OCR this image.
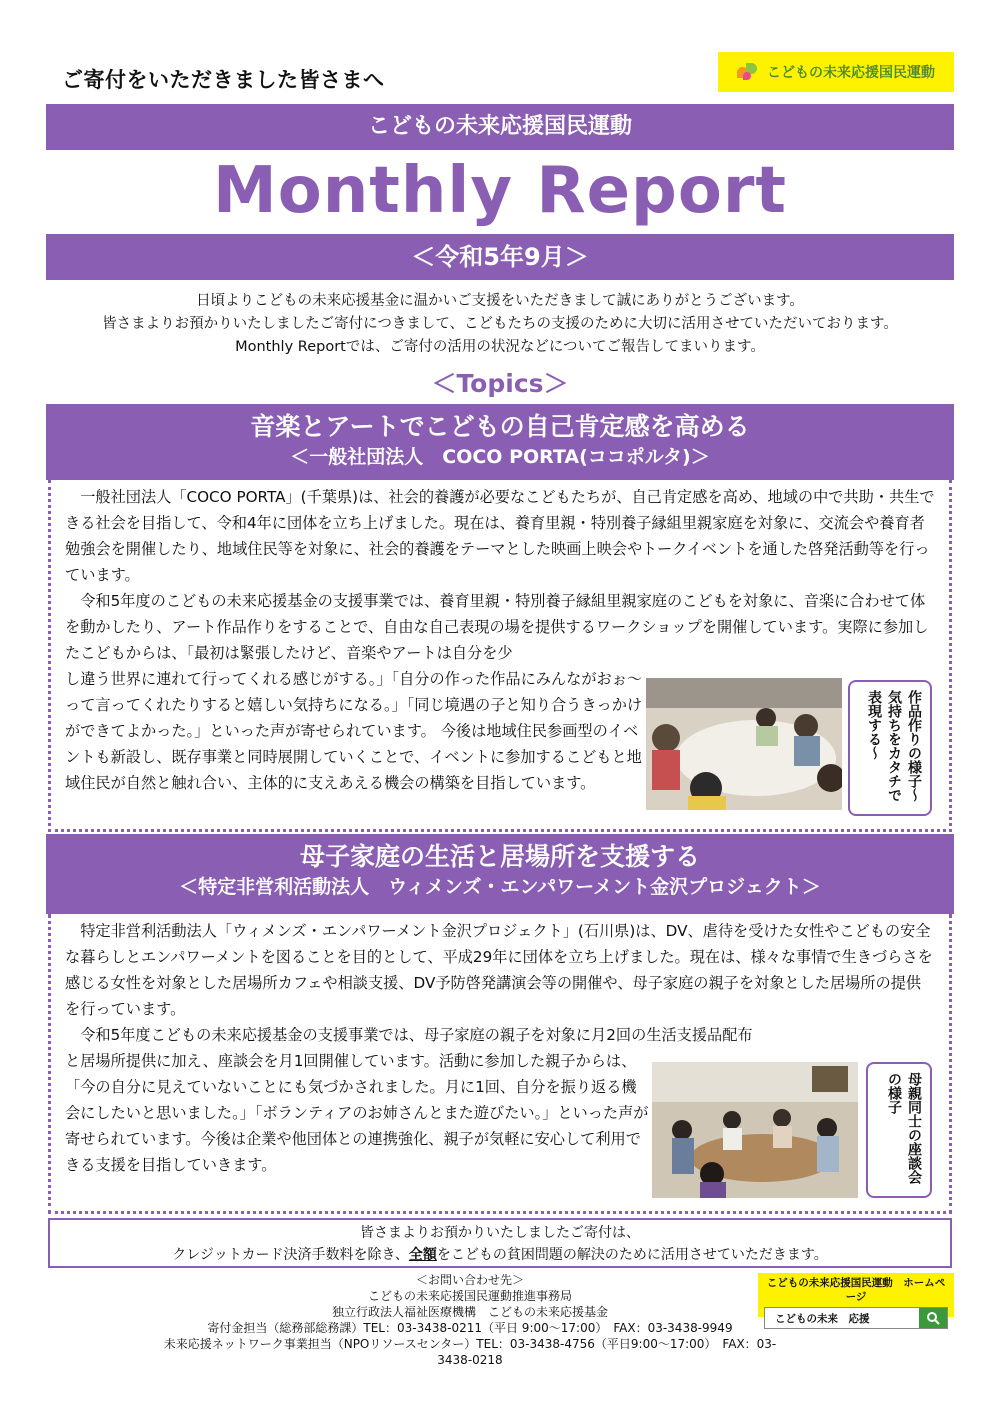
ご寄付をいただきました皆さまへ	こどもの未来応援国民運動
こどもの未来応援国民運動
Monthly Report
＜令和5年9月＞
日頃よりこどもの未来応援基金に温かいご支援をいただきまして誠にありがとうございます。
皆さまよりお預かりいたしましたご寄付につきまして、こどもたちの支援のために大切に活用させていただいております。
Monthly Reportでは、ご寄付の活用の状況などについてご報告してまいります。
＜Topics＞
音楽とアートでこどもの自己肯定感を高める
＜一般社団法人　COCO PORTA(ココポルタ)＞

一般社団法人「COCO PORTA」(千葉県)は、社会的養護が必要なこどもたちが、自己肯定感を高め、地域の中で共助・共生できる社会を目指して、令和4年に団体を立ち上げました。現在は、養育里親・特別養子縁組里親家庭を対象に、交流会や養育者勉強会を開催したり、地域住民等を対象に、社会的養護をテーマとした映画上映会やトークイベントを通した啓発活動等を行っています。

令和5年度のこどもの未来応援基金の支援事業では、養育里親・特別養子縁組里親家庭のこどもを対象に、音楽に合わせて体を動かしたり、アート作品作りをすることで、自由な自己表現の場を提供するワークショップを開催しています。実際に参加したこどもからは、「最初は緊張したけど、音楽やアートは自分を少

し違う世界に連れて行ってくれる感じがする。」「自分の作った作品にみんながおぉ～って言ってくれたりすると嬉しい気持ちになる。」「同じ境遇の子と知り合うきっかけができてよかった。」といった声が寄せられています。 今後は地域住民参画型のイベントも新設し、既存事業と同時展開していくことで、イベントに参加するこどもと地域住民が自然と触れ合い、主体的に支えあえる機会の構築を目指しています。	作品作りの様子～気持ちをカタチで表現する～
母子家庭の生活と居場所を支援する
＜特定非営利活動法人　ウィメンズ・エンパワーメント金沢プロジェクト＞

特定非営利活動法人「ウィメンズ・エンパワーメント金沢プロジェクト」(石川県)は、DV、虐待を受けた女性やこどもの安全な暮らしとエンパワーメントを図ることを目的として、平成29年に団体を立ち上げました。現在は、様々な事情で生きづらさを感じる女性を対象とした居場所カフェや相談支援、DV予防啓発講演会等の開催や、母子家庭の親子を対象とした居場所の提供を行っています。

令和5年度こどもの未来応援基金の支援事業では、母子家庭の親子を対象に月2回の生活支援品配布

と居場所提供に加え、座談会を月1回開催しています。活動に参加した親子からは、「今の自分に見えていないことにも気づかされました。月に1回、自分を振り返る機会にしたいと思いました。」「ボランティアのお姉さんとまた遊びたい。」といった声が寄せられています。今後は企業や他団体との連携強化、親子が気軽に安心して利用できる支援を目指していきます。	母親同士の座談会の様子
皆さまよりお預かりいたしましたご寄付は、
クレジットカード決済手数料を除き、全額をこどもの貧困問題の解決のために活用させていただきます。
＜お問い合わせ先＞
こどもの未来応援国民運動推進事務局
独立行政法人福祉医療機構　こどもの未来応援基金
寄付金担当（総務部総務課）TEL：03-3438-0211（平日 9:00～17:00）　FAX：03-3438-9949
未来応援ネットワーク事業担当（NPOリソースセンター）TEL：03-3438-4756（平日9:00～17:00）　FAX：03-3438-0218
こどもの未来応援国民運動　ホームページ
こどもの未来　応援
